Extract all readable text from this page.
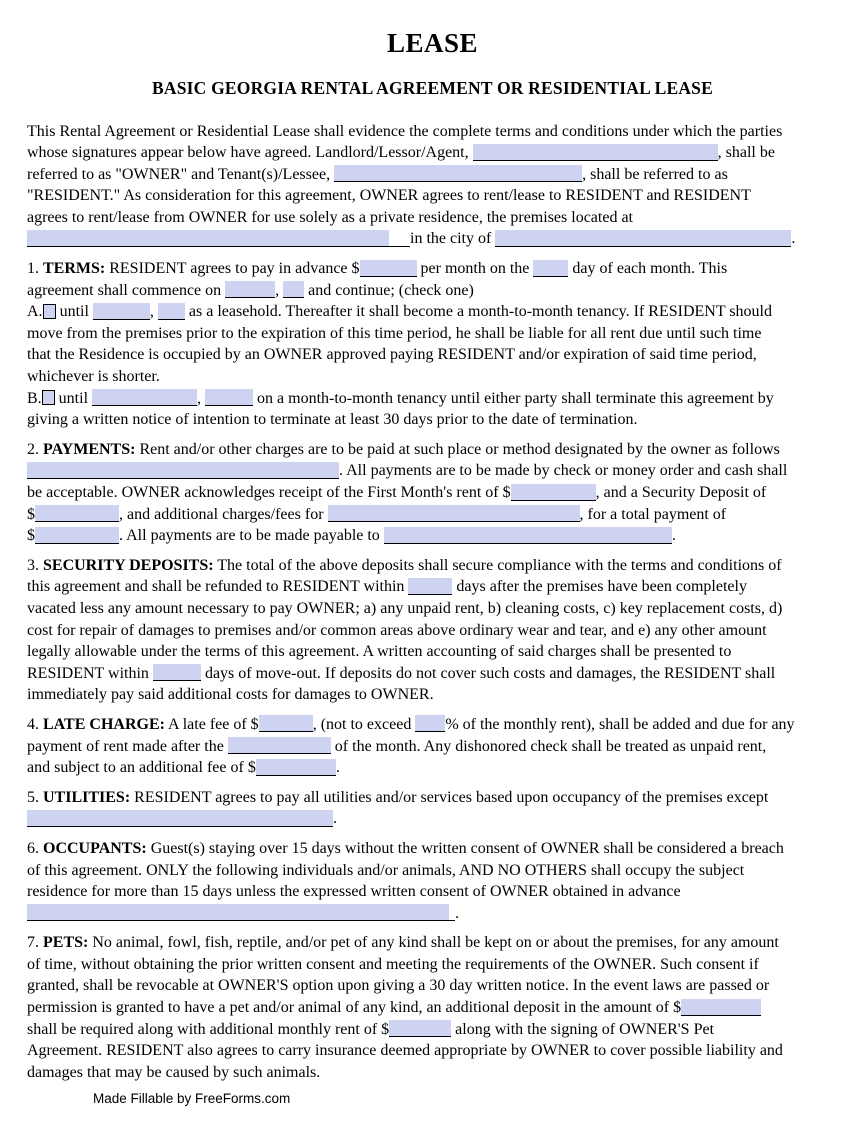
LEASE
BASIC GEORGIA RENTAL AGREEMENT OR RESIDENTIAL LEASE
This Rental Agreement or Residential Lease shall evidence the complete terms and conditions under which the parties
whose signatures appear below have agreed. Landlord/Lessor/Agent,	, shall be
referred to as "OWNER" and Tenant(s)/Lessee,	, shall be referred to as
"RESIDENT." As consideration for this agreement, OWNER agrees to rent/lease to RESIDENT and RESIDENT
agrees to rent/lease from OWNER for use solely as a private residence, the premises located at
in the city of	.
1. TERMS: RESIDENT agrees to pay in advance $	per month on the  day of each month. This
agreement shall commence on	,  and continue; (check one)
A. until	,  as a leasehold. Thereafter it shall become a month-to-month tenancy. If RESIDENT should
move from the premises prior to the expiration of this time period, he shall be liable for all rent due until such time
that the Residence is occupied by an OWNER approved paying RESIDENT and/or expiration of said time period,
whichever is shorter.
B. until	,	on a month-to-month tenancy until either party shall terminate this agreement by
giving a written notice of intention to terminate at least 30 days prior to the date of termination.
2. PAYMENTS: Rent and/or other charges are to be paid at such place or method designated by the owner as follows
. All payments are to be made by check or money order and cash shall
be acceptable. OWNER acknowledges receipt of the First Month's rent of $	, and a Security Deposit of
$	, and additional charges/fees for	, for a total payment of
$	. All payments are to be made payable to	.
3. SECURITY DEPOSITS: The total of the above deposits shall secure compliance with the terms and conditions of
this agreement and shall be refunded to RESIDENT within	days after the premises have been completely
vacated less any amount necessary to pay OWNER; a) any unpaid rent, b) cleaning costs, c) key replacement costs, d)
cost for repair of damages to premises and/or common areas above ordinary wear and tear, and e) any other amount
legally allowable under the terms of this agreement. A written accounting of said charges shall be presented to
RESIDENT within	days of move-out. If deposits do not cover such costs and damages, the RESIDENT shall
immediately pay said additional costs for damages to OWNER.
4. LATE CHARGE: A late fee of $	, (not to exceed % of the monthly rent), shall be added and due for any
payment of rent made after the	of the month. Any dishonored check shall be treated as unpaid rent,
and subject to an additional fee of $	.
5. UTILITIES: RESIDENT agrees to pay all utilities and/or services based upon occupancy of the premises except
.
6. OCCUPANTS: Guest(s) staying over 15 days without the written consent of OWNER shall be considered a breach
of this agreement. ONLY the following individuals and/or animals, AND NO OTHERS shall occupy the subject
residence for more than 15 days unless the expressed written consent of OWNER obtained in advance
.
7. PETS: No animal, fowl, fish, reptile, and/or pet of any kind shall be kept on or about the premises, for any amount
of time, without obtaining the prior written consent and meeting the requirements of the OWNER. Such consent if
granted, shall be revocable at OWNER'S option upon giving a 30 day written notice. In the event laws are passed or
permission is granted to have a pet and/or animal of any kind, an additional deposit in the amount of $
shall be required along with additional monthly rent of $	along with the signing of OWNER'S Pet
Agreement. RESIDENT also agrees to carry insurance deemed appropriate by OWNER to cover possible liability and
damages that may be caused by such animals.
Made Fillable by FreeForms.com
